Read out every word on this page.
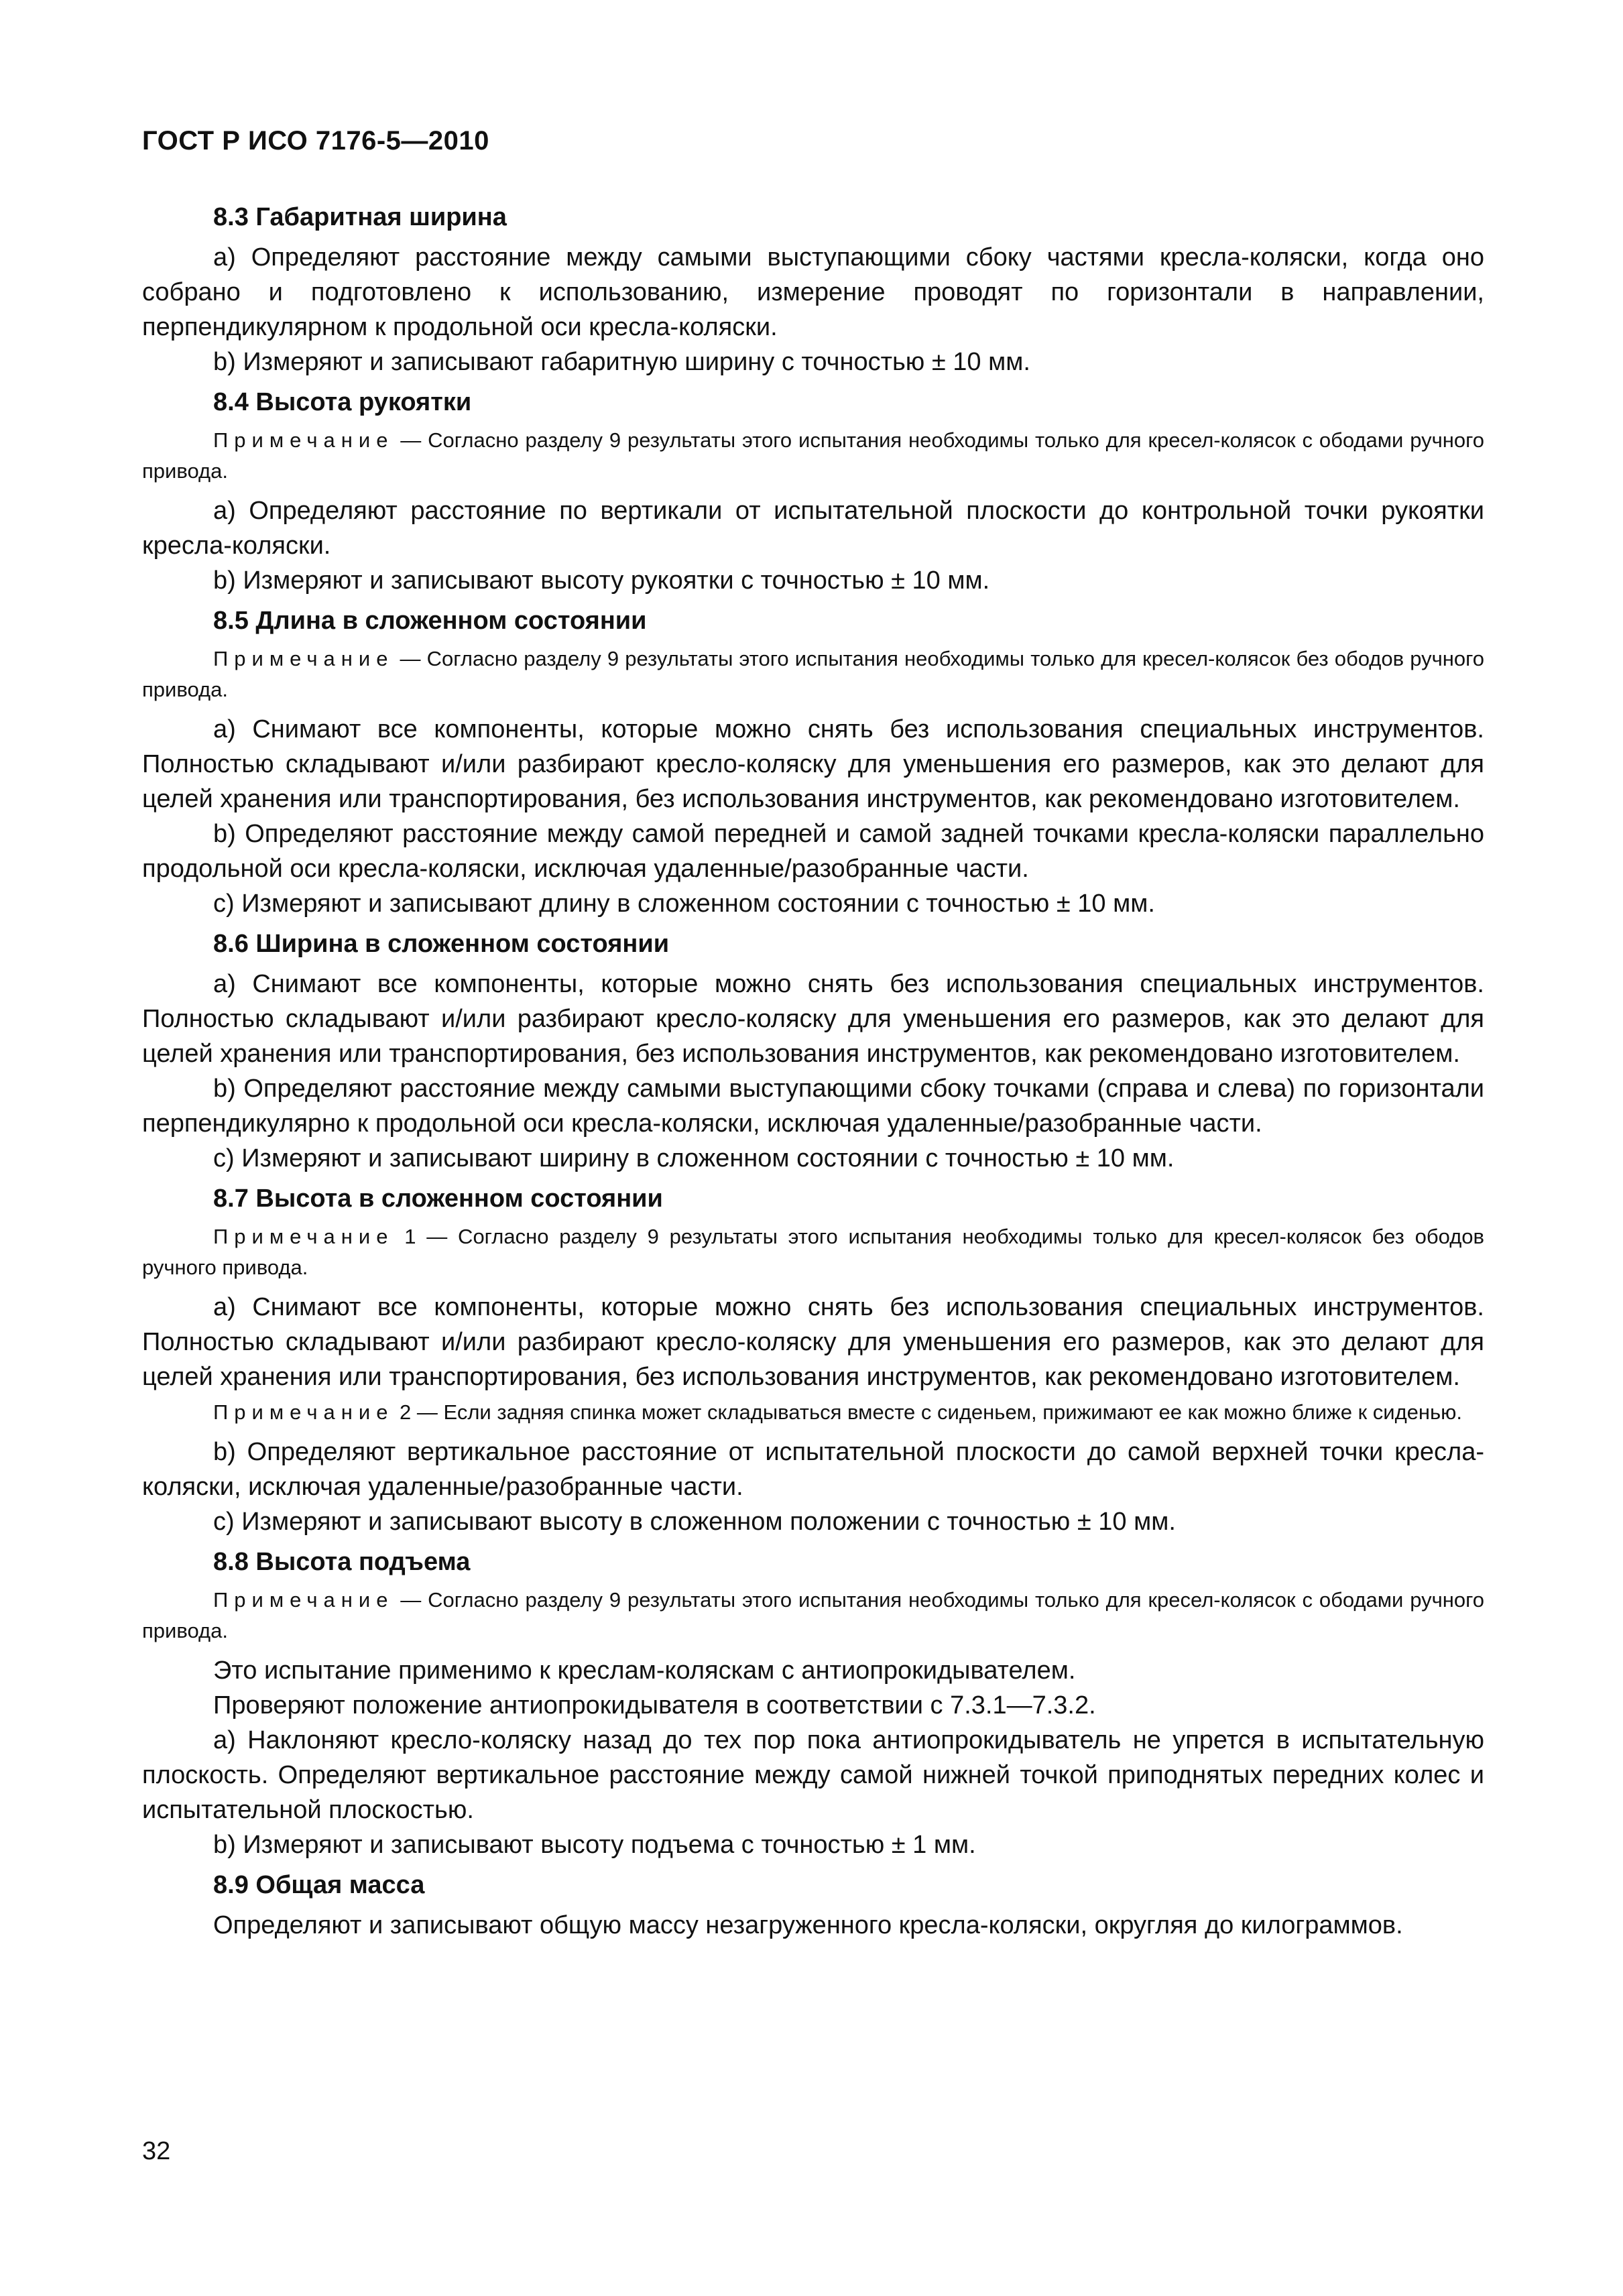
ГОСТ Р ИСО 7176-5—2010
8.3 Габаритная ширина

а) Определяют расстояние между самыми выступающими сбоку частями кресла-коляски, когда оно собрано и подготовлено к использованию, измерение проводят по горизонтали в направлении, перпендикулярном к продольной оси кресла-коляски.

b) Измеряют и записывают габаритную ширину с точностью ± 10 мм.

8.4 Высота рукоятки

Примечание — Согласно разделу 9 результаты этого испытания необходимы только для кресел-колясок с ободами ручного привода.

а) Определяют расстояние по вертикали от испытательной плоскости до контрольной точки рукоятки кресла-коляски.

b) Измеряют и записывают высоту рукоятки с точностью ± 10 мм.

8.5 Длина в сложенном состоянии

Примечание — Согласно разделу 9 результаты этого испытания необходимы только для кресел-колясок без ободов ручного привода.

а) Снимают все компоненты, которые можно снять без использования специальных инструментов. Полностью складывают и/или разбирают кресло-коляску для уменьшения его размеров, как это делают для целей хранения или транспортирования, без использования инструментов, как рекомендовано изготовителем.

b) Определяют расстояние между самой передней и самой задней точками кресла-коляски параллельно продольной оси кресла-коляски, исключая удаленные/разобранные части.

c) Измеряют и записывают длину в сложенном состоянии с точностью ± 10 мм.

8.6 Ширина в сложенном состоянии

а) Снимают все компоненты, которые можно снять без использования специальных инструментов. Полностью складывают и/или разбирают кресло-коляску для уменьшения его размеров, как это делают для целей хранения или транспортирования, без использования инструментов, как рекомендовано изготовителем.

b) Определяют расстояние между самыми выступающими сбоку точками (справа и слева) по горизонтали перпендикулярно к продольной оси кресла-коляски, исключая удаленные/разобранные части.

c) Измеряют и записывают ширину в сложенном состоянии с точностью ± 10 мм.

8.7 Высота в сложенном состоянии

Примечание 1 — Согласно разделу 9 результаты этого испытания необходимы только для кресел-колясок без ободов ручного привода.

а) Снимают все компоненты, которые можно снять без использования специальных инструментов. Полностью складывают и/или разбирают кресло-коляску для уменьшения его размеров, как это делают для целей хранения или транспортирования, без использования инструментов, как рекомендовано изготовителем.

Примечание 2 — Если задняя спинка может складываться вместе с сиденьем, прижимают ее как можно ближе к сиденью.

b) Определяют вертикальное расстояние от испытательной плоскости до самой верхней точки кресла-коляски, исключая удаленные/разобранные части.

c) Измеряют и записывают высоту в сложенном положении с точностью ± 10 мм.

8.8 Высота подъема

Примечание — Согласно разделу 9 результаты этого испытания необходимы только для кресел-колясок с ободами ручного привода.

Это испытание применимо к креслам-коляскам с антиопрокидывателем.

Проверяют положение антиопрокидывателя в соответствии с 7.3.1—7.3.2.

а) Наклоняют кресло-коляску назад до тех пор пока антиопрокидыватель не упрется в испытательную плоскость. Определяют вертикальное расстояние между самой нижней точкой приподнятых передних колес и испытательной плоскостью.

b) Измеряют и записывают высоту подъема с точностью ± 1 мм.

8.9 Общая масса

Определяют и записывают общую массу незагруженного кресла-коляски, округляя до килограммов.

32
